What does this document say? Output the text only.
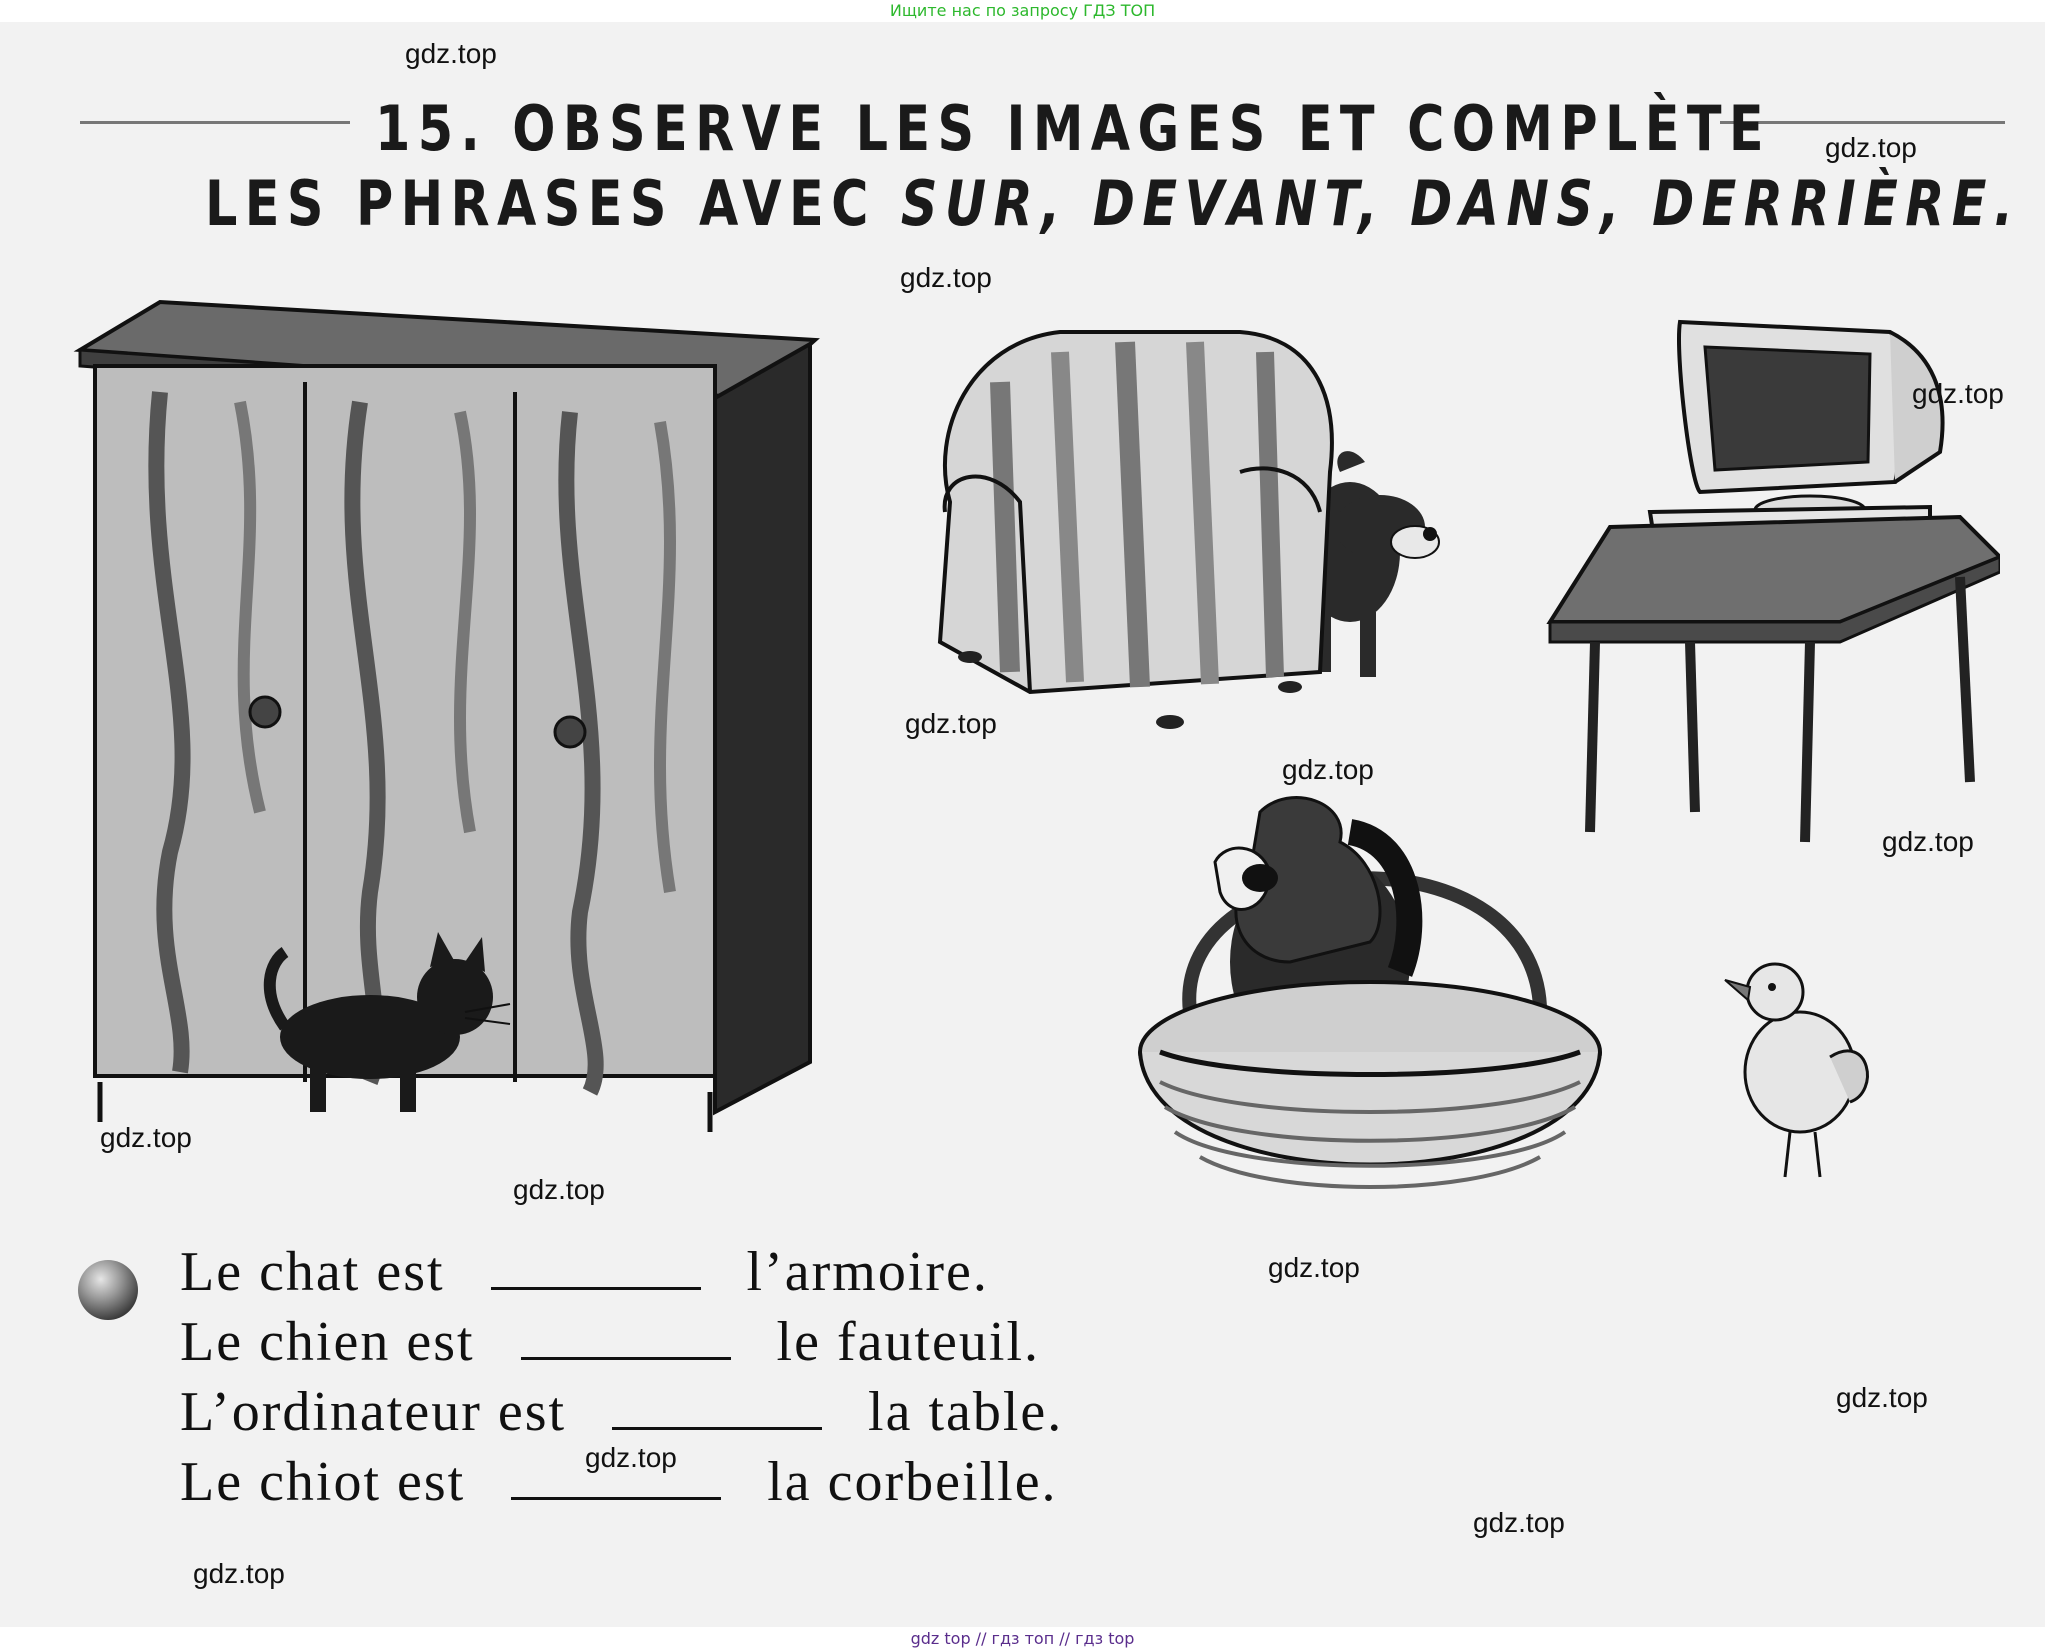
Ищите нас по запросу ГДЗ ТОП
15. OBSERVE LES IMAGES ET COMPLÈTE
LES PHRASES AVEC SUR, DEVANT, DANS, DERRIÈRE.
Le chat est	l’armoire.
Le chien est	le fauteuil.
L’ordinateur est	la table.
Le chiot est	la corbeille.
gdz.top
gdz.top
gdz.top
gdz.top
gdz.top
gdz.top
gdz.top
gdz.top
gdz.top
gdz.top
gdz.top
gdz.top
gdz.top
gdz.top
gdz top // гдз топ // гдз top
